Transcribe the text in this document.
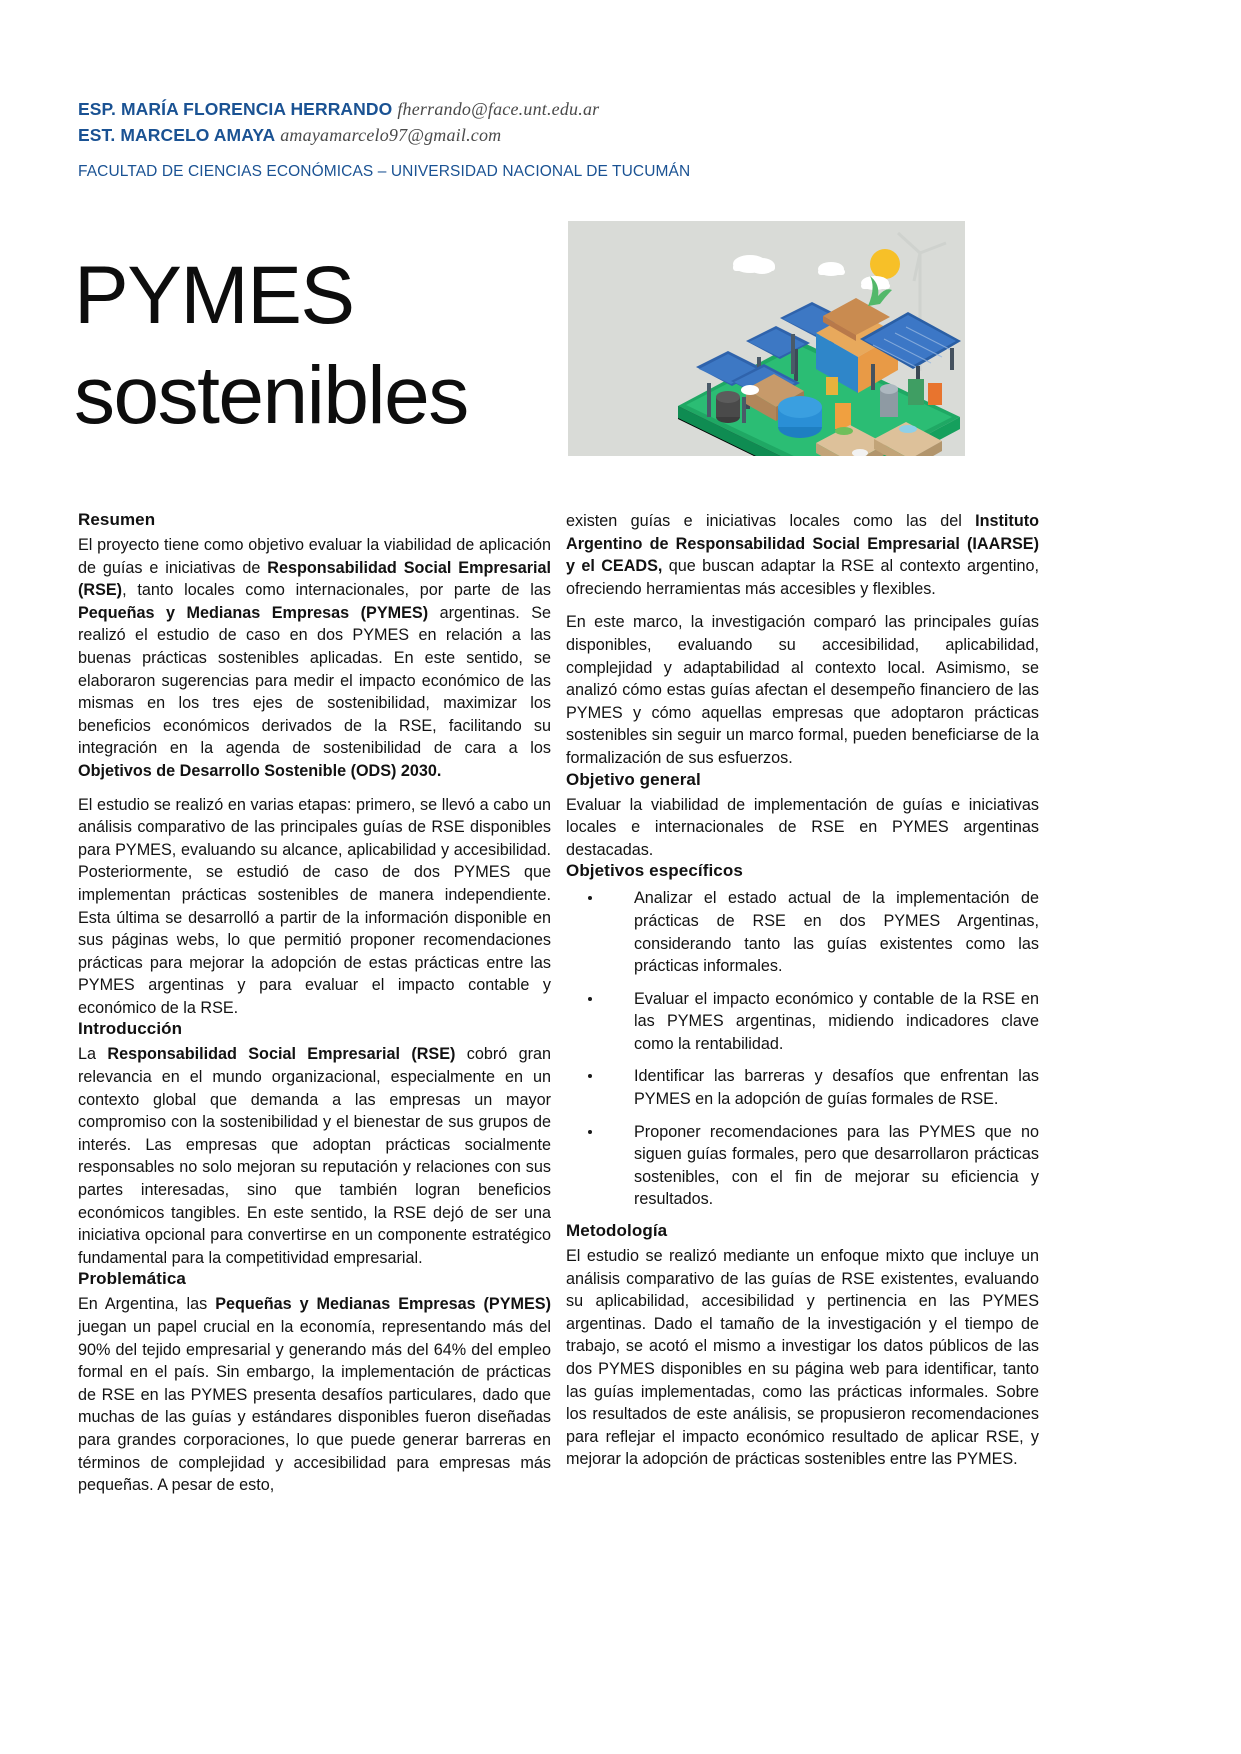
ESP. MARÍA FLORENCIA HERRANDO fherrando@face.unt.edu.ar
EST. MARCELO AMAYA amayamarcelo97@gmail.com
FACULTAD DE CIENCIAS ECONÓMICAS – UNIVERSIDAD NACIONAL DE TUCUMÁN
PYMES
sostenibles
Resumen

El proyecto tiene como objetivo evaluar la viabilidad de aplicación de guías e iniciativas de Responsabilidad Social Empresarial (RSE), tanto locales como internacionales, por parte de las Pequeñas y Medianas Empresas (PYMES) argentinas. Se realizó el estudio de caso en dos PYMES en relación a las buenas prácticas sostenibles aplicadas. En este sentido, se elaboraron sugerencias para medir el impacto económico de las mismas en los tres ejes de sostenibilidad, maximizar los beneficios económicos derivados de la RSE, facilitando su integración en la agenda de sostenibilidad de cara a los Objetivos de Desarrollo Sostenible (ODS) 2030.

El estudio se realizó en varias etapas: primero, se llevó a cabo un análisis comparativo de las principales guías de RSE disponibles para PYMES, evaluando su alcance, aplicabilidad y accesibilidad. Posteriormente, se estudió de caso de dos PYMES que implementan prácticas sostenibles de manera independiente. Esta última se desarrolló a partir de la información disponible en sus páginas webs, lo que permitió proponer recomendaciones prácticas para mejorar la adopción de estas prácticas entre las PYMES argentinas y para evaluar el impacto contable y económico de la RSE.

Introducción

La Responsabilidad Social Empresarial (RSE) cobró gran relevancia en el mundo organizacional, especialmente en un contexto global que demanda a las empresas un mayor compromiso con la sostenibilidad y el bienestar de sus grupos de interés. Las empresas que adoptan prácticas socialmente responsables no solo mejoran su reputación y relaciones con sus partes interesadas, sino que también logran beneficios económicos tangibles. En este sentido, la RSE dejó de ser una iniciativa opcional para convertirse en un componente estratégico fundamental para la competitividad empresarial.

Problemática

En Argentina, las Pequeñas y Medianas Empresas (PYMES) juegan un papel crucial en la economía, representando más del 90% del tejido empresarial y generando más del 64% del empleo formal en el país. Sin embargo, la implementación de prácticas de RSE en las PYMES presenta desafíos particulares, dado que muchas de las guías y estándares disponibles fueron diseñadas para grandes corporaciones, lo que puede generar barreras en términos de complejidad y accesibilidad para empresas más pequeñas. A pesar de esto,

existen guías e iniciativas locales como las del Instituto Argentino de Responsabilidad Social Empresarial (IAARSE) y el CEADS, que buscan adaptar la RSE al contexto argentino, ofreciendo herramientas más accesibles y flexibles.

En este marco, la investigación comparó las principales guías disponibles, evaluando su accesibilidad, aplicabilidad, complejidad y adaptabilidad al contexto local. Asimismo, se analizó cómo estas guías afectan el desempeño financiero de las PYMES y cómo aquellas empresas que adoptaron prácticas sostenibles sin seguir un marco formal, pueden beneficiarse de la formalización de sus esfuerzos.

Objetivo general

Evaluar la viabilidad de implementación de guías e iniciativas locales e internacionales de RSE en PYMES argentinas destacadas.

Objetivos específicos
Analizar el estado actual de la implementación de prácticas de RSE en dos PYMES Argentinas, considerando tanto las guías existentes como las prácticas informales.
Evaluar el impacto económico y contable de la RSE en las PYMES argentinas, midiendo indicadores clave como la rentabilidad.
Identificar las barreras y desafíos que enfrentan las PYMES en la adopción de guías formales de RSE.
Proponer recomendaciones para las PYMES que no siguen guías formales, pero que desarrollaron prácticas sostenibles, con el fin de mejorar su eficiencia y resultados.
Metodología

El estudio se realizó mediante un enfoque mixto que incluye un análisis comparativo de las guías de RSE existentes, evaluando su aplicabilidad, accesibilidad y pertinencia en las PYMES argentinas. Dado el tamaño de la investigación y el tiempo de trabajo, se acotó el mismo a investigar los datos públicos de las dos PYMES disponibles en su página web para identificar, tanto las guías implementadas, como las prácticas informales. Sobre los resultados de este análisis, se propusieron recomendaciones para reflejar el impacto económico resultado de aplicar RSE, y mejorar la adopción de prácticas sostenibles entre las PYMES.
